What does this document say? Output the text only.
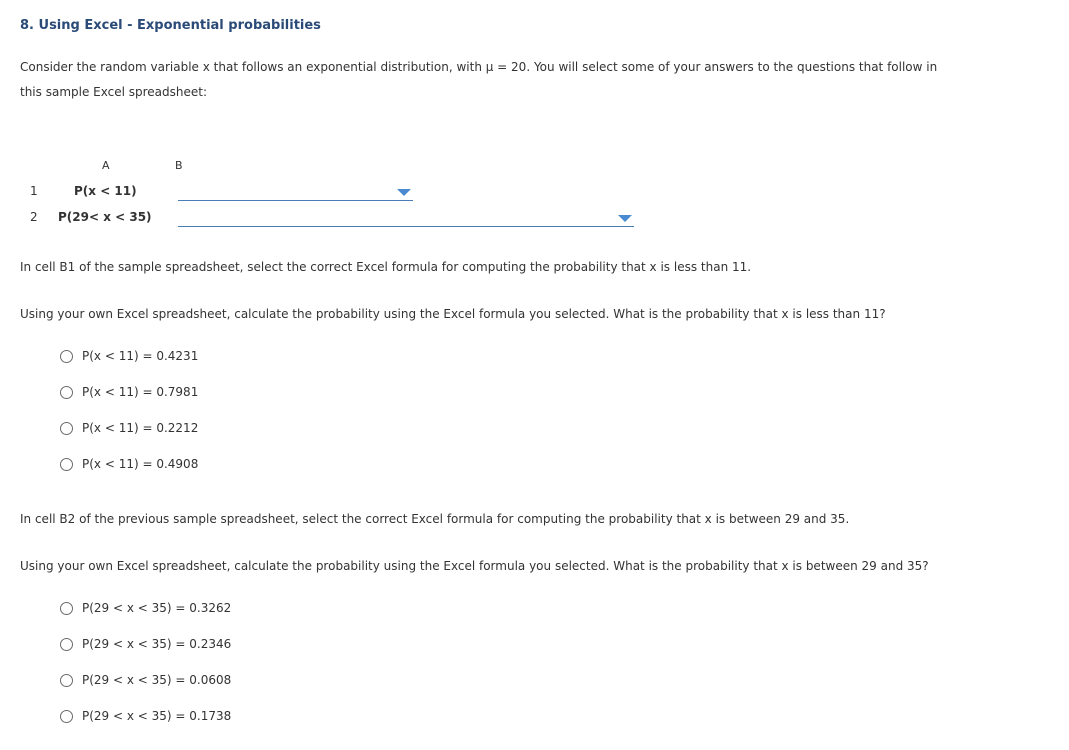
8. Using Excel - Exponential probabilities
Consider the random variable x that follows an exponential distribution, with μ = 20. You will select some of your answers to the questions that follow in this sample Excel spreadsheet:
A	B
1	P(x < 11)
2 P(29< x < 35)
In cell B1 of the sample spreadsheet, select the correct Excel formula for computing the probability that x is less than 11.
Using your own Excel spreadsheet, calculate the probability using the Excel formula you selected. What is the probability that x is less than 11?
P(x < 11) = 0.4231
P(x < 11) = 0.7981
P(x < 11) = 0.2212
P(x < 11) = 0.4908
In cell B2 of the previous sample spreadsheet, select the correct Excel formula for computing the probability that x is between 29 and 35.
Using your own Excel spreadsheet, calculate the probability using the Excel formula you selected. What is the probability that x is between 29 and 35?
P(29 < x < 35) = 0.3262
P(29 < x < 35) = 0.2346
P(29 < x < 35) = 0.0608
P(29 < x < 35) = 0.1738
